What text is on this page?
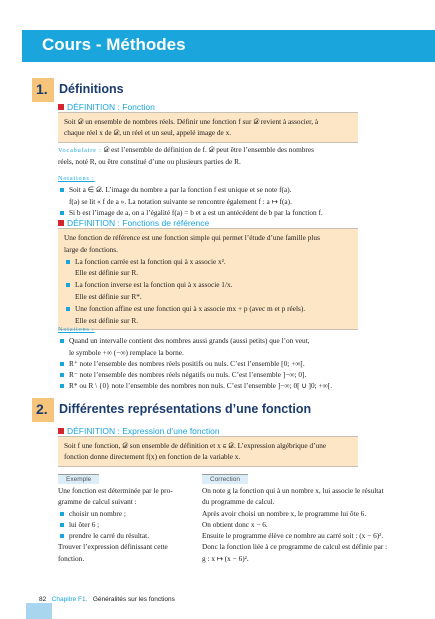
Cours - Méthodes
1. Définitions
DÉFINITION : Fonction
Soit 𝒟 un ensemble de nombres réels. Définir une fonction f sur 𝒟 revient à associer, à
chaque réel x de 𝒟, un réel et un seul, appelé image de x.
Vocabulaire : 𝒟 est l’ensemble de définition de f. 𝒟 peut être l’ensemble des nombres
réels, noté R, ou être constitué d’une ou plusieurs parties de R.
Notations :
Soit a ∈ 𝒟. L’image du nombre a par la fonction f est unique et se note f(a).
f(a) se lit « f de a ». La notation suivante se rencontre également f : a ↦ f(a).
Si b est l’image de a, on a l’égalité f(a) = b et a est un antécédent de b par la fonction f.
DÉFINITION : Fonctions de référence
Une fonction de référence est une fonction simple qui permet l’étude d’une famille plus
large de fonctions.
La fonction carrée est la fonction qui à x associe x².
Elle est définie sur R.
La fonction inverse est la fonction qui à x associe 1/x.
Elle est définie sur R*.
Une fonction affine est une fonction qui à x associe mx + p (avec m et p réels).
Elle est définie sur R.
Notations :
Quand un intervalle contient des nombres aussi grands (aussi petits) que l’on veut,
le symbole +∞ (−∞) remplace la borne.
R⁺ note l’ensemble des nombres réels positifs ou nuls. C’est l’ensemble [0; +∞[.
R⁻ note l’ensemble des nombres réels négatifs ou nuls. C’est l’ensemble ]−∞; 0].
R* ou R \ {0} note l’ensemble des nombres non nuls. C’est l’ensemble ]−∞; 0[ ∪ ]0; +∞[.
2. Différentes représentations d’une fonction
DÉFINITION : Expression d’une fonction
Soit f une fonction, 𝒟 son ensemble de définition et x ∈ 𝒟. L’expression algébrique d’une
fonction donne directement f(x) en fonction de la variable x.
Exemple
Une fonction est déterminée par le pro-
gramme de calcul suivant :
choisir un nombre ;
lui ôter 6 ;
prendre le carré du résultat.
Trouver l’expression définissant cette
fonction.
Correction
On note g la fonction qui à un nombre x, lui associe le résultat
du programme de calcul.
Après avoir choisi un nombre x, le programme lui ôte 6.
On obtient donc x − 6.
Ensuite le programme élève ce nombre au carré soit : (x − 6)².
Donc la fonction liée à ce programme de calcul est définie par :
g : x ↦ (x − 6)².
82 Chapitre F1. Généralités sur les fonctions
